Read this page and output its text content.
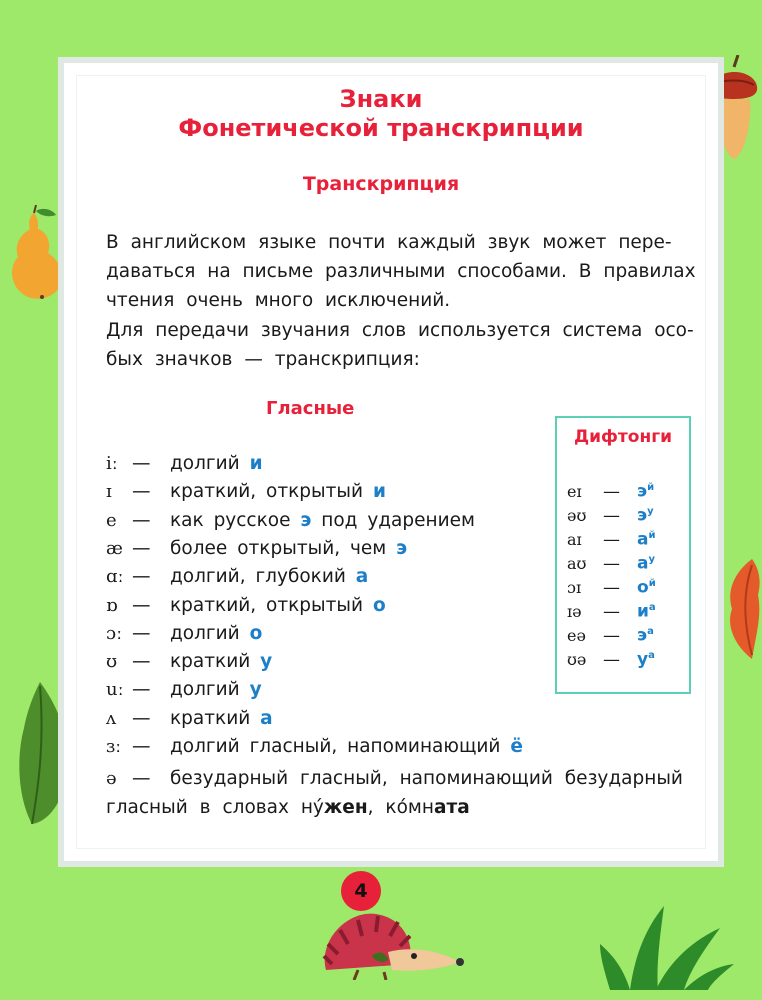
Знаки
Фонетической транскрипции
Транскрипция
В английском языке почти каждый звук может пере-
даваться на письме различными способами. В правилах
чтения очень много исключений.
Для передачи звучания слов используется система осо-
бых значков — транскрипция:
Гласные
iː — долгий и
ɪ — краткий, открытый и
e — как русское э под ударением
æ — более открытый, чем э
ɑː — долгий, глубокий а
ɒ — краткий, открытый о
ɔː — долгий о
ʊ — краткий у
uː — долгий у
ʌ — краткий а
ɜː — долгий гласный, напоминающий ё
ə — безударный гласный, напоминающий безударный
гласный в словах ну́жен, ко́мната
Дифтонги
eɪ — $э^й$
əʊ — $э^у$
aɪ — $а^й$
aʊ — $а^у$
ɔɪ — $о^й$
ɪə — $и^а$
eə — $э^а$
ʊə — $у^а$
4
